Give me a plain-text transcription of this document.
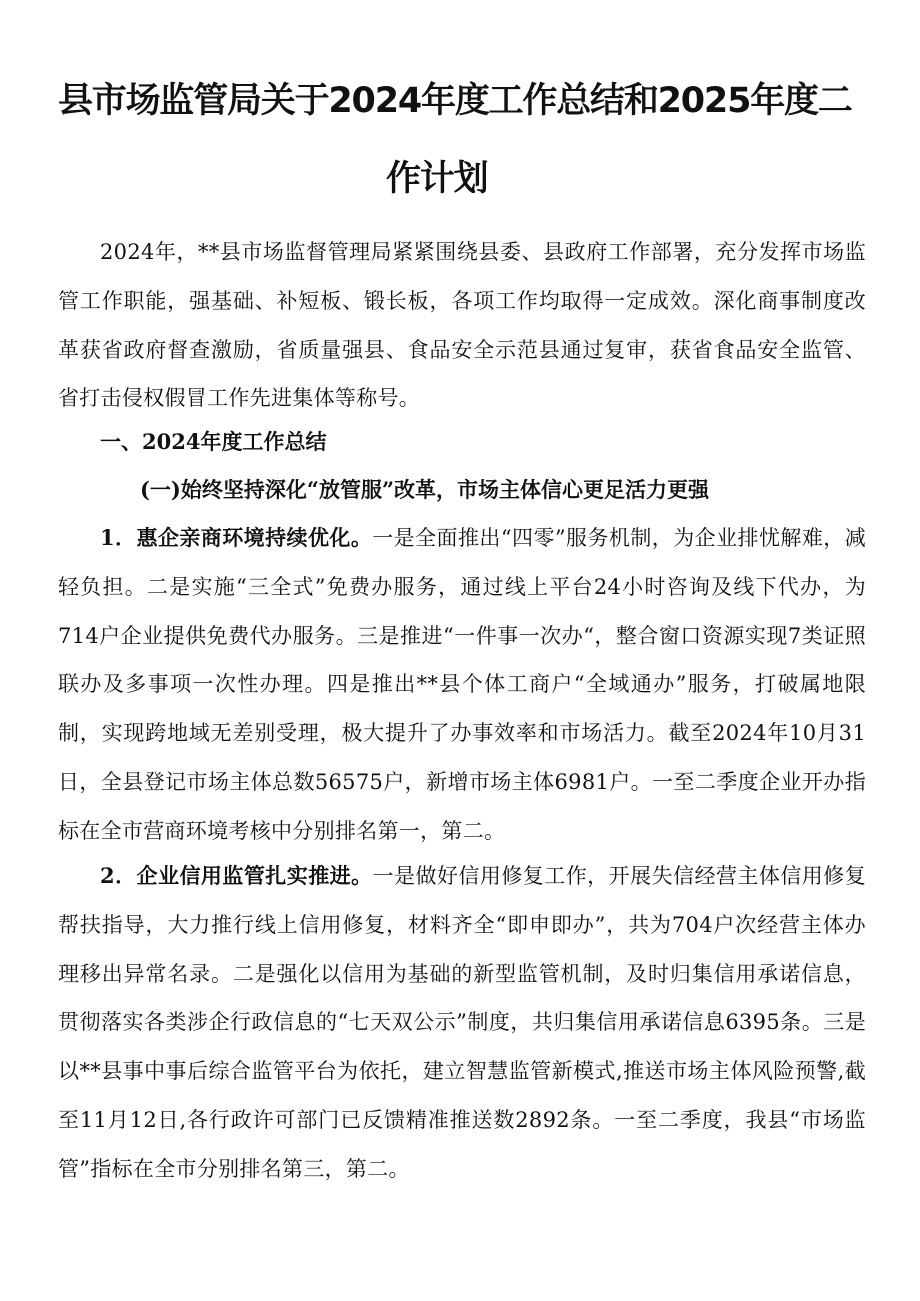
县市场监管局关于2024年度工作总结和2025年度二
作计划

2024年，**县市场监督管理局紧紧围绕县委、县政府工作部署，充分发挥市场监管工作职能，强基础、补短板、锻长板，各项工作均取得一定成效。深化商事制度改革获省政府督查激励，省质量强县、食品安全示范县通过复审，获省食品安全监管、省打击侵权假冒工作先进集体等称号。

一、2024年度工作总结

(一)始终坚持深化“放管服”改革，市场主体信心更足活力更强

1．惠企亲商环境持续优化。一是全面推出“四零”服务机制，为企业排忧解难，减轻负担。二是实施“三全式”免费办服务，通过线上平台24小时咨询及线下代办，为714户企业提供免费代办服务。三是推进“一件事一次办“，整合窗口资源实现7类证照联办及多事项一次性办理。四是推出**县个体工商户“全域通办”服务，打破属地限制，实现跨地域无差别受理，极大提升了办事效率和市场活力。截至2024年10月31日，全县登记市场主体总数56575户，新增市场主体6981户。一至二季度企业开办指标在全市营商环境考核中分别排名第一，第二。

2．企业信用监管扎实推进。一是做好信用修复工作，开展失信经营主体信用修复帮扶指导，大力推行线上信用修复，材料齐全“即申即办”，共为704户次经营主体办理移出异常名录。二是强化以信用为基础的新型监管机制，及时归集信用承诺信息，贯彻落实各类涉企行政信息的“七天双公示”制度，共归集信用承诺信息6395条。三是以**县事中事后综合监管平台为依托，建立智慧监管新模式,推送市场主体风险预警,截至11月12日,各行政许可部门已反馈精准推送数2892条。一至二季度，我县“市场监管”指标在全市分别排名第三，第二。
